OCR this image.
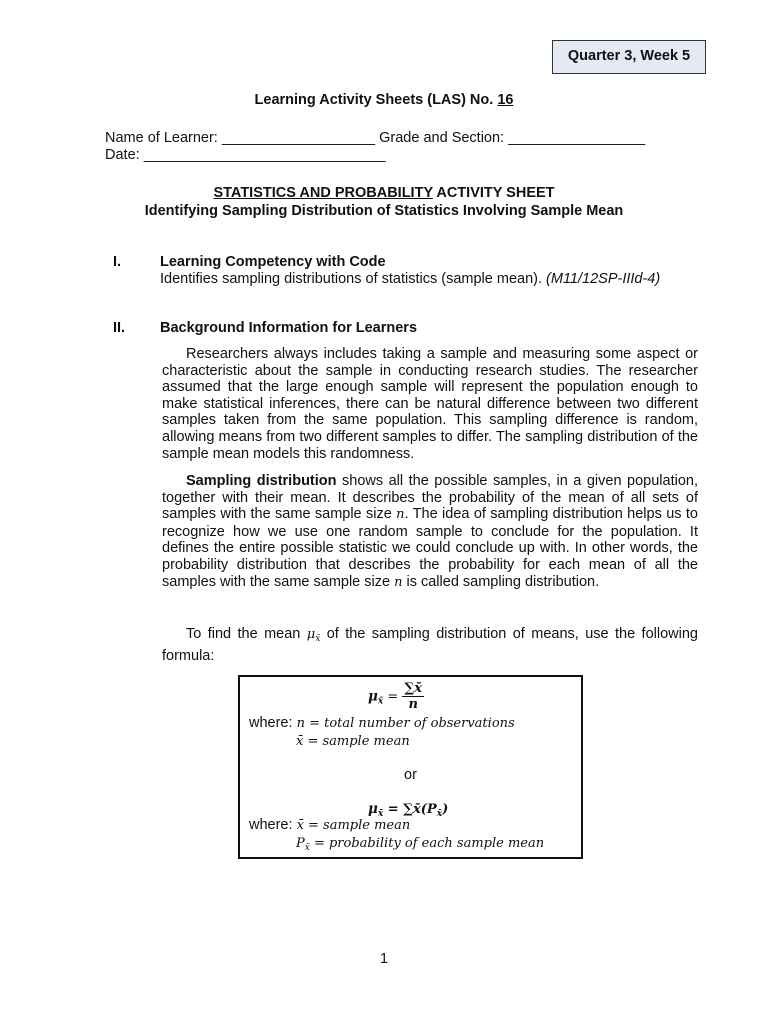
Quarter 3, Week 5
Learning Activity Sheets (LAS) No. 16
Name of Learner: ___________________ Grade and Section: _________________
Date: ______________________________
STATISTICS AND PROBABILITY ACTIVITY SHEET
Identifying Sampling Distribution of Statistics Involving Sample Mean
I.	Learning Competency with Code
Identifies sampling distributions of statistics (sample mean). (M11/12SP-IIId-4)
II. Background Information for Learners
Researchers always includes taking a sample and measuring some aspect or characteristic about the sample in conducting research studies. The researcher assumed that the large enough sample will represent the population enough to make statistical inferences, there can be natural difference between two different samples taken from the same population. This sampling difference is random, allowing means from two different samples to differ. The sampling distribution of the sample mean models this randomness.
Sampling distribution shows all the possible samples, in a given population, together with their mean. It describes the probability of the mean of all sets of samples with the same sample size n. The idea of sampling distribution helps us to recognize how we use one random sample to conclude for the population. It defines the entire possible statistic we could conclude up with. In other words, the probability distribution that describes the probability for each mean of all the samples with the same sample size n is called sampling distribution.
To find the mean $\mu_{x̄}$ of the sampling distribution of means, use the following formula:
$\mu_{x̄} = \frac{\sum x̄}{n}$
where: n = total number of observations
x̄ = sample mean
or
$\mu_{x̄}$ = $\sum x̄(P_{x̄})$
where: x̄ = sample mean
$P_{x̄}$ = probability of each sample mean
1
